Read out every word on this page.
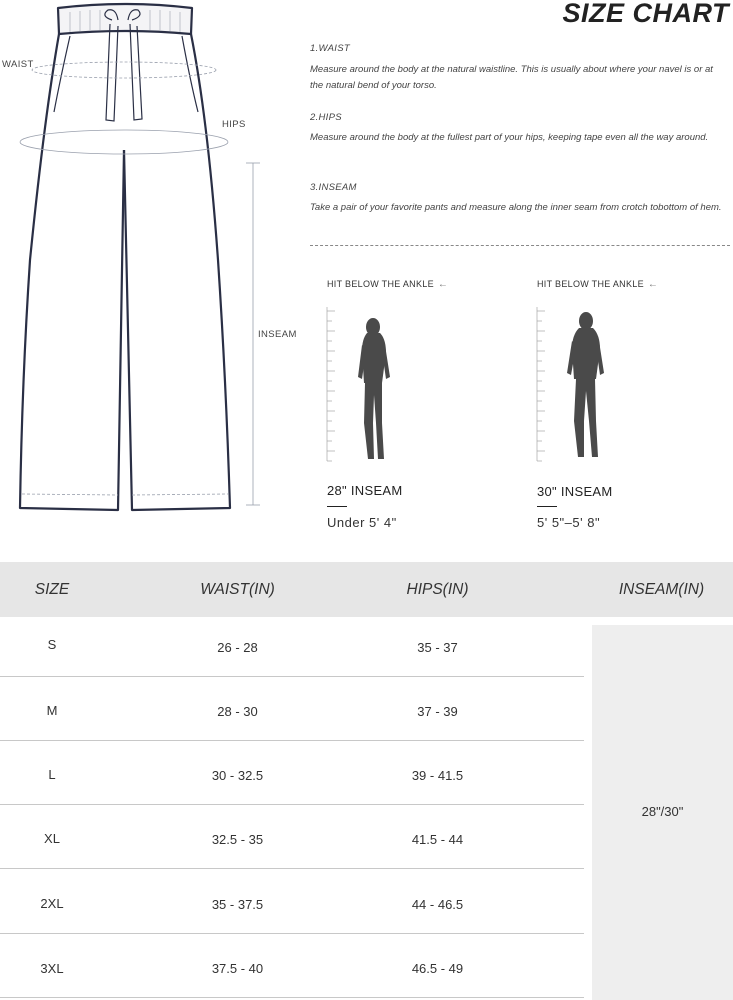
SIZE CHART
WAIST
HIPS
INSEAM
1.WAIST
Measure around the body at the natural waistline. This is usually about where your navel is or at the natural bend of your torso.
2.HIPS
Measure around the body at the fullest part of your hips, keeping tape even all the way around.
3.INSEAM
Take a pair of your favorite pants and measure along the inner seam from crotch tobottom of hem.
HIT BELOW THE ANKLE ←
28" INSEAM
Under 5' 4"
HIT BELOW THE ANKLE ←
30" INSEAM
5' 5"–5' 8"
SIZE	WAIST(IN)	HIPS(IN)	INSEAM(IN)
28"/30"
S	26 - 28	35 - 37
M	28 - 30	37 - 39
L	30 - 32.5	39 - 41.5
XL	32.5 - 35	41.5 - 44
2XL	35 - 37.5	44 - 46.5
3XL	37.5 - 40	46.5 - 49
